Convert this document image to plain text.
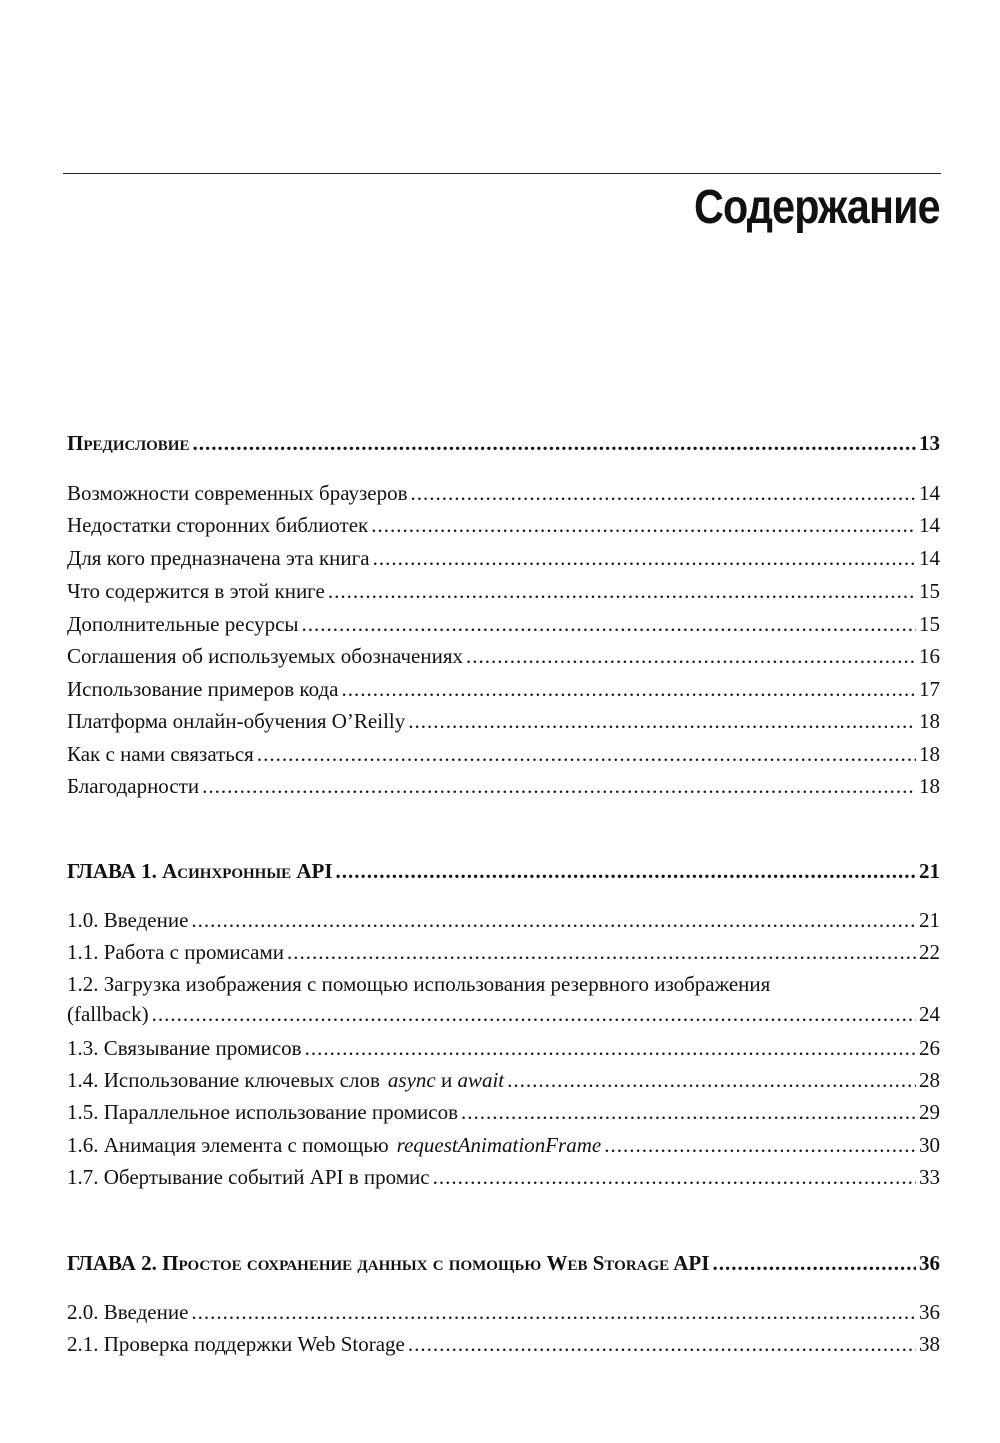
Содержание
Предисловие .....	13
Возможности современных браузеров .....	14
Недостатки сторонних библиотек .....	14
Для кого предназначена эта книга .....	14
Что содержится в этой книге .....	15
Дополнительные ресурсы .....	15
Соглашения об используемых обозначениях .....	16
Использование примеров кода .....	17
Платформа онлайн-обучения O’Reilly .....	18
Как с нами связаться .....	18
Благодарности .....	18
ГЛАВА 1. Асинхронные API .....	21
1.0. Введение .....	21
1.1. Работа с промисами .....	22
1.2. Загрузка изображения с помощью использования резервного изображения
(fallback) .....	24
1.3. Связывание промисов .....	26
1.4. Использование ключевых слов async и await .....	28
1.5. Параллельное использование промисов .....	29
1.6. Анимация элемента с помощью requestAnimationFrame .....	30
1.7. Обертывание событий API в промис .....	33
ГЛАВА 2. Простое сохранение данных с помощью Web Storage API .....	36
2.0. Введение .....	36
2.1. Проверка поддержки Web Storage .....	38
